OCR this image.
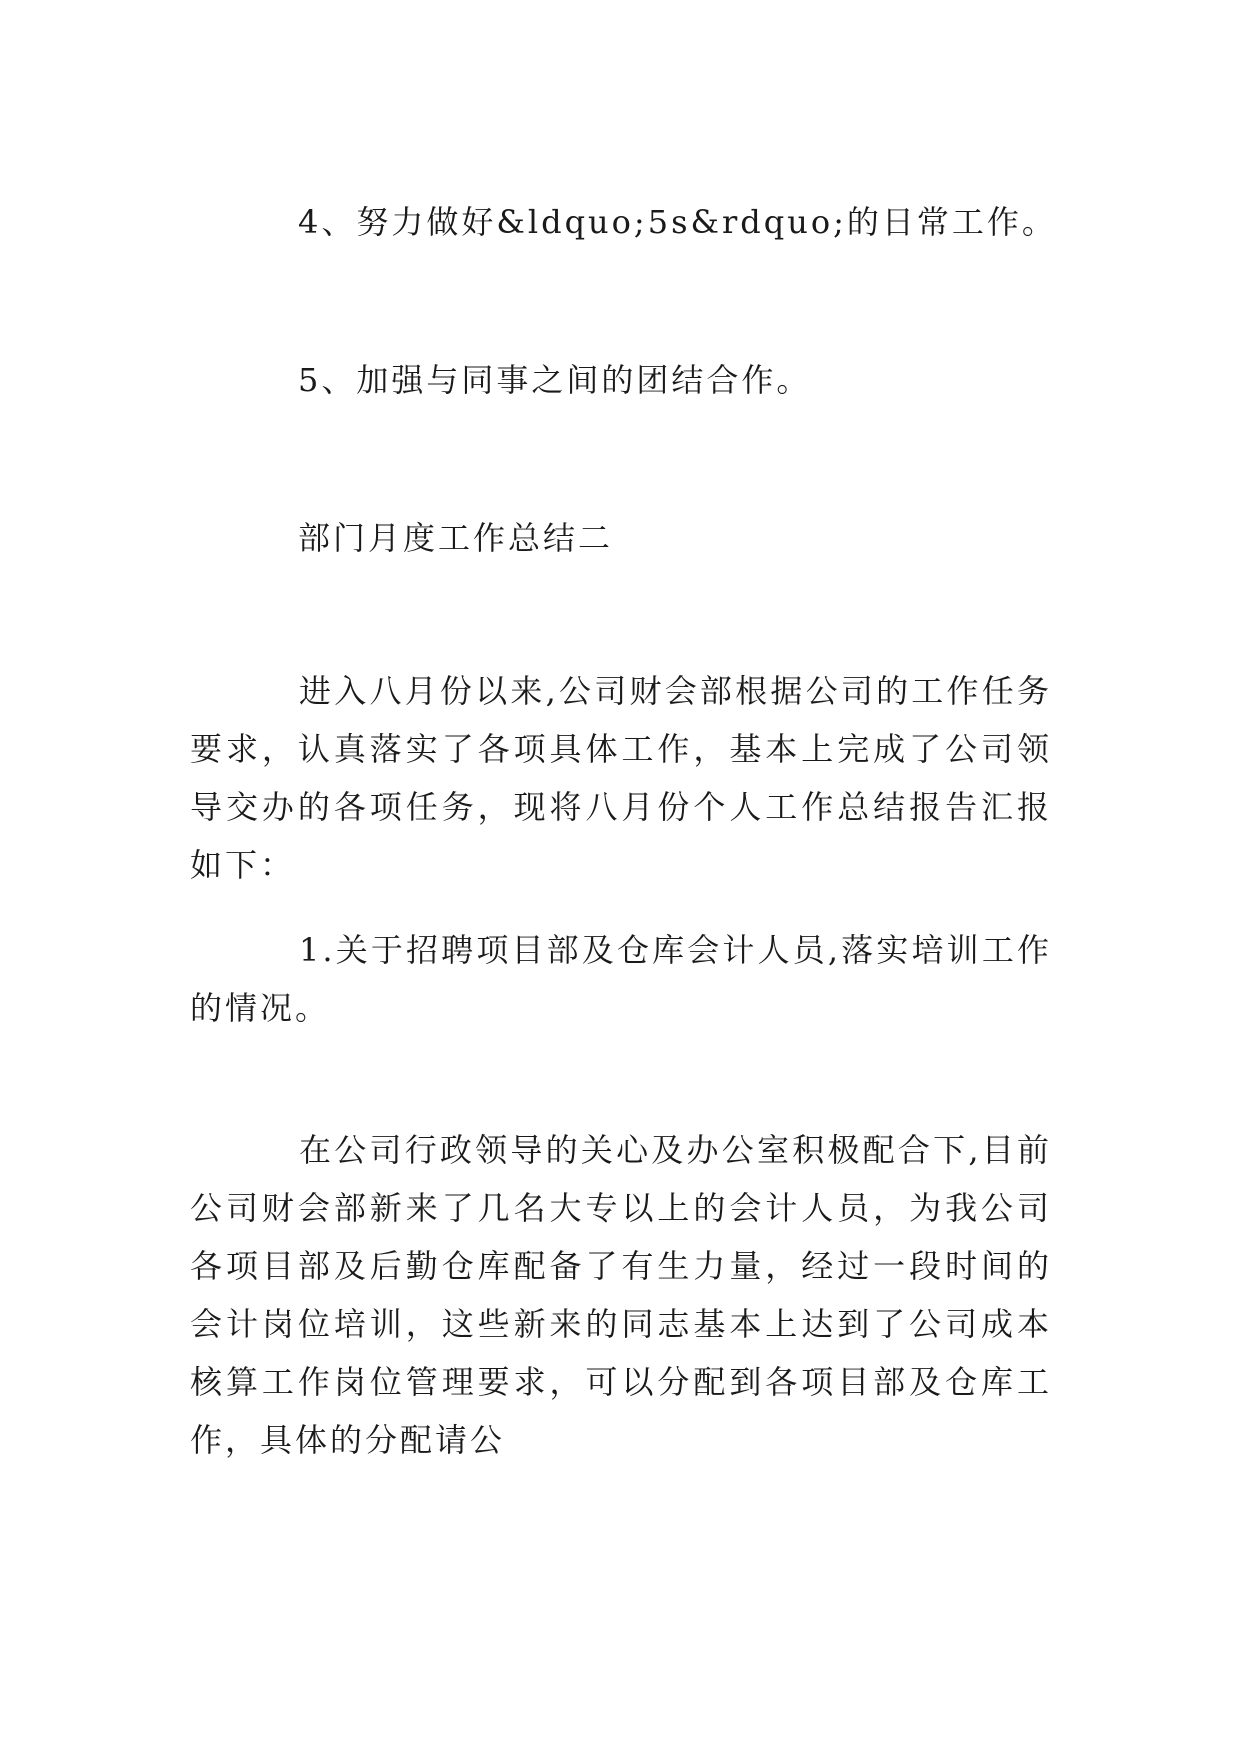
4、努力做好&ldquo;5s&rdquo;的日常工作。
5、加强与同事之间的团结合作。
部门月度工作总结二

进入八月份以来,公司财会部根据公司的工作任务要求，认真落实了各项具体工作，基本上完成了公司领导交办的各项任务，现将八月份个人工作总结报告汇报如下：

1.关于招聘项目部及仓库会计人员,落实培训工作的情况。

在公司行政领导的关心及办公室积极配合下,目前公司财会部新来了几名大专以上的会计人员，为我公司各项目部及后勤仓库配备了有生力量，经过一段时间的会计岗位培训，这些新来的同志基本上达到了公司成本核算工作岗位管理要求，可以分配到各项目部及仓库工作，具体的分配请公
